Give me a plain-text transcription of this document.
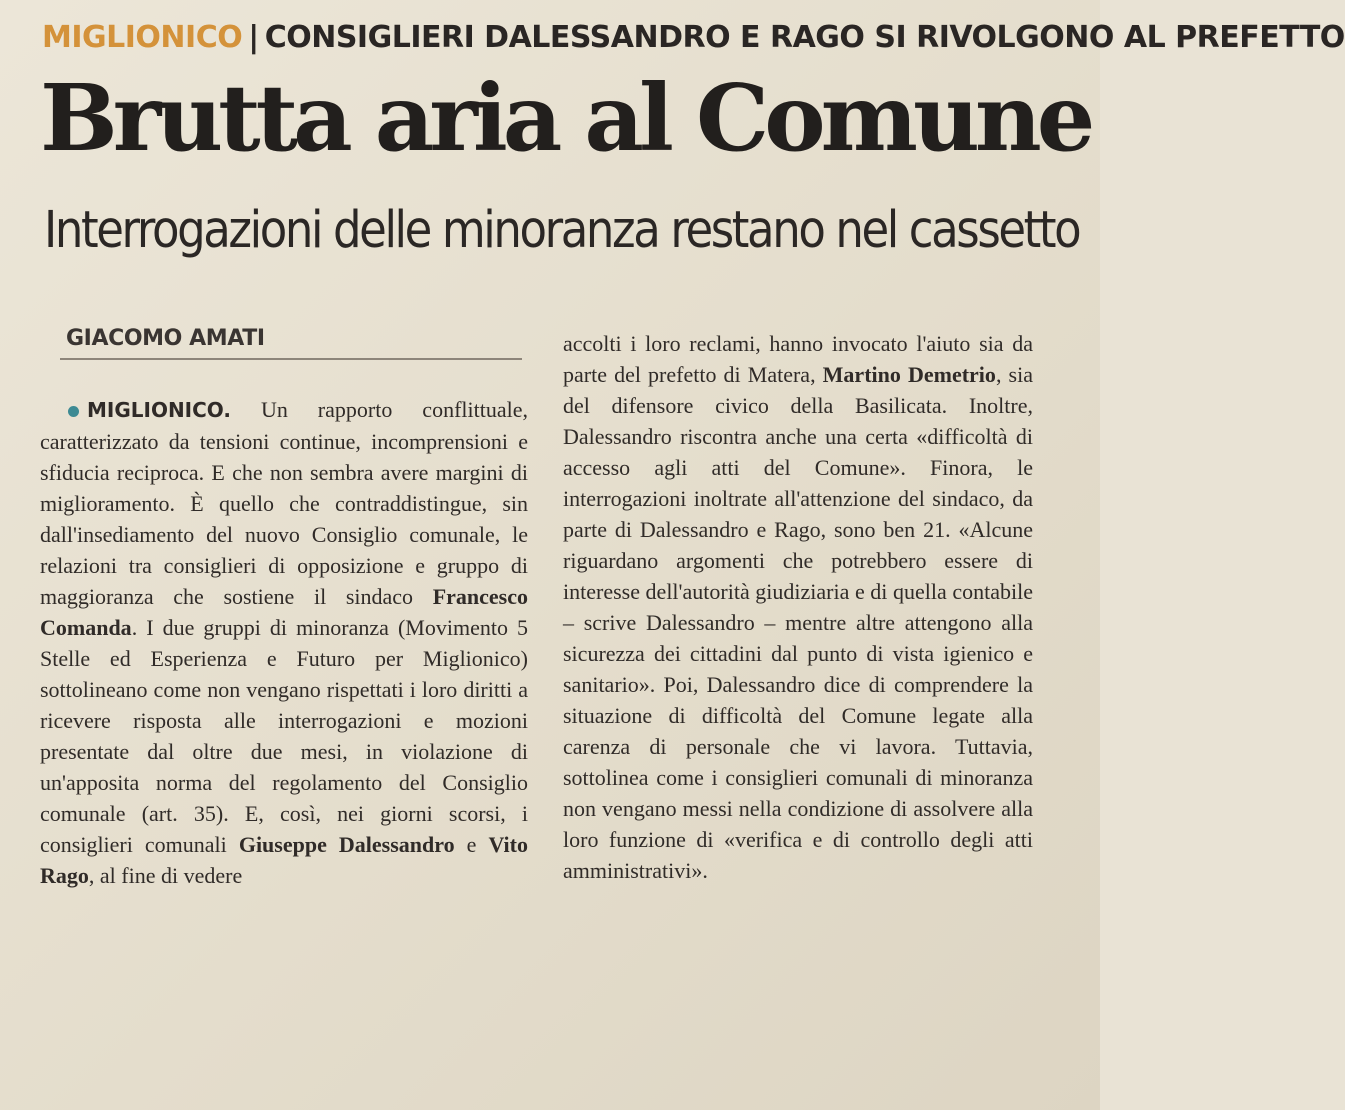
MIGLIONICO | CONSIGLIERI DALESSANDRO E RAGO SI RIVOLGONO AL PREFETTO
Brutta aria al Comune
Interrogazioni delle minoranza restano nel cassetto
GIACOMO AMATI
MIGLIONICO. Un rapporto conflittuale, caratterizzato da tensioni continue, incomprensioni e sfiducia reciproca. E che non sembra avere margini di miglioramento. È quello che contraddistingue, sin dall'insediamento del nuovo Consiglio comunale, le relazioni tra consiglieri di opposizione e gruppo di maggioranza che sostiene il sindaco Francesco Comanda. I due gruppi di minoranza (Movimento 5 Stelle ed Esperienza e Futuro per Miglionico) sottolineano come non vengano rispettati i loro diritti a ricevere risposta alle interrogazioni e mozioni presentate dal oltre due mesi, in violazione di un'apposita norma del regolamento del Consiglio comunale (art. 35). E, così, nei giorni scorsi, i consiglieri comunali Giuseppe Dalessandro e Vito Rago, al fine di vedere
accolti i loro reclami, hanno invocato l'aiuto sia da parte del prefetto di Matera, Martino Demetrio, sia del difensore civico della Basilicata. Inoltre, Dalessandro riscontra anche una certa «difficoltà di accesso agli atti del Comune». Finora, le interrogazioni inoltrate all'attenzione del sindaco, da parte di Dalessandro e Rago, sono ben 21. «Alcune riguardano argomenti che potrebbero essere di interesse dell'autorità giudiziaria e di quella contabile – scrive Dalessandro – mentre altre attengono alla sicurezza dei cittadini dal punto di vista igienico e sanitario». Poi, Dalessandro dice di comprendere la situazione di difficoltà del Comune legate alla carenza di personale che vi lavora. Tuttavia, sottolinea come i consiglieri comunali di minoranza non vengano messi nella condizione di assolvere alla loro funzione di «verifica e di controllo degli atti amministrativi».
